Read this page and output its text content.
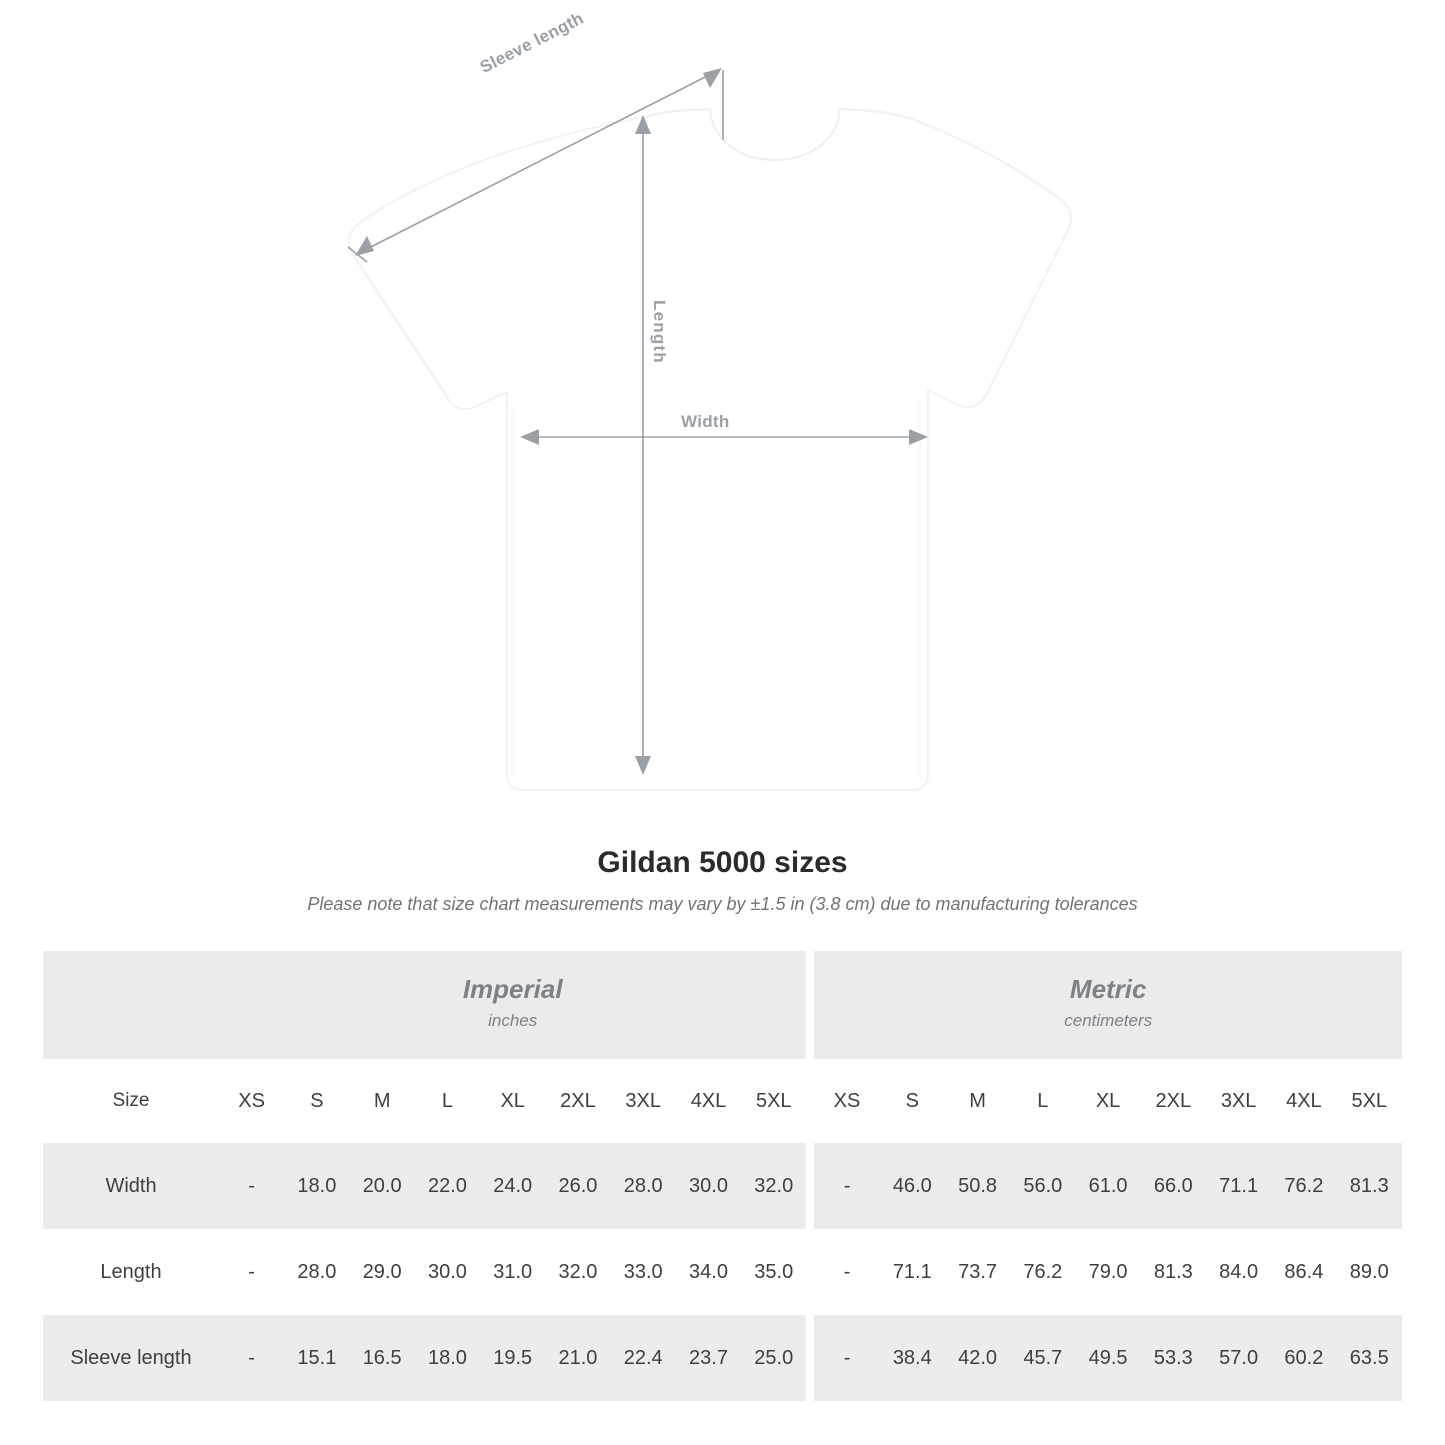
Sleeve length
Length
Width
Gildan 5000 sizes

Please note that size chart measurements may vary by ±1.5 in (3.8 cm) due to manufacturing tolerances

Imperial
inches

Metric
centimeters

Size	XS	S	M	L	XL	2XL	3XL	4XL	5XL		XS	S	M	L	XL	2XL	3XL	4XL	5XL
Width	-	18.0	20.0	22.0	24.0	26.0	28.0	30.0	32.0		-	46.0	50.8	56.0	61.0	66.0	71.1	76.2	81.3
Length	-	28.0	29.0	30.0	31.0	32.0	33.0	34.0	35.0		-	71.1	73.7	76.2	79.0	81.3	84.0	86.4	89.0
Sleeve length	-	15.1	16.5	18.0	19.5	21.0	22.4	23.7	25.0		-	38.4	42.0	45.7	49.5	53.3	57.0	60.2	63.5
